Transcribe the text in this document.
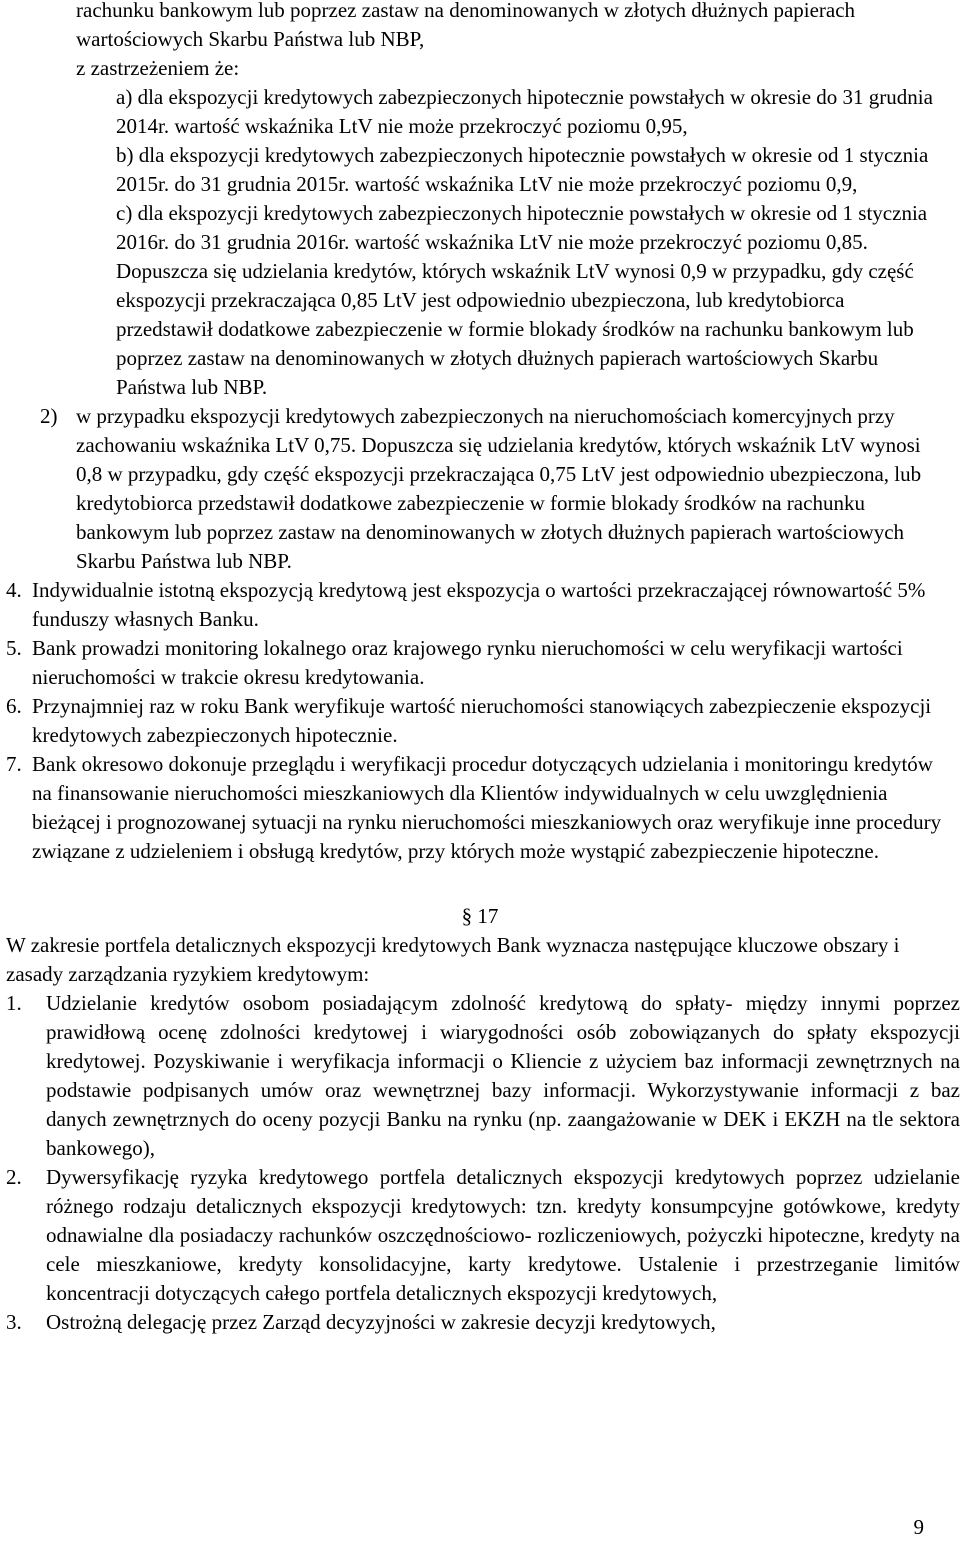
rachunku bankowym lub poprzez zastaw na denominowanych w złotych dłużnych papierach wartościowych Skarbu Państwa lub NBP,

z zastrzeżeniem że:

a) dla ekspozycji kredytowych zabezpieczonych hipotecznie powstałych w okresie do 31 grudnia 2014r. wartość wskaźnika LtV nie może przekroczyć poziomu 0,95,

b) dla ekspozycji kredytowych zabezpieczonych hipotecznie powstałych w okresie od 1 stycznia 2015r. do 31 grudnia 2015r. wartość wskaźnika LtV nie może przekroczyć poziomu 0,9,

c) dla ekspozycji kredytowych zabezpieczonych hipotecznie powstałych w okresie od 1 stycznia 2016r. do 31 grudnia 2016r. wartość wskaźnika LtV nie może przekroczyć poziomu 0,85. Dopuszcza się udzielania kredytów, których wskaźnik LtV wynosi 0,9 w przypadku, gdy część ekspozycji przekraczająca 0,85 LtV jest odpowiednio ubezpieczona, lub kredytobiorca przedstawił dodatkowe zabezpieczenie w formie blokady środków na rachunku bankowym lub poprzez zastaw na denominowanych w złotych dłużnych papierach wartościowych Skarbu Państwa lub NBP.

2) w przypadku ekspozycji kredytowych zabezpieczonych na nieruchomościach komercyjnych przy zachowaniu wskaźnika LtV 0,75. Dopuszcza się udzielania kredytów, których wskaźnik LtV wynosi 0,8 w przypadku, gdy część ekspozycji przekraczająca 0,75 LtV jest odpowiednio ubezpieczona, lub kredytobiorca przedstawił dodatkowe zabezpieczenie w formie blokady środków na rachunku bankowym lub poprzez zastaw na denominowanych w złotych dłużnych papierach wartościowych Skarbu Państwa lub NBP.
4. Indywidualnie istotną ekspozycją kredytową jest ekspozycja o wartości przekraczającej równowartość 5% funduszy własnych Banku.
5. Bank prowadzi monitoring lokalnego oraz krajowego rynku nieruchomości w celu weryfikacji wartości nieruchomości w trakcie okresu kredytowania.
6. Przynajmniej raz w roku Bank weryfikuje wartość nieruchomości stanowiących zabezpieczenie ekspozycji kredytowych zabezpieczonych hipotecznie.
7. Bank okresowo dokonuje przeglądu i weryfikacji procedur dotyczących udzielania i monitoringu kredytów na finansowanie nieruchomości mieszkaniowych dla Klientów indywidualnych w celu uwzględnienia bieżącej i prognozowanej sytuacji na rynku nieruchomości mieszkaniowych oraz weryfikuje inne procedury związane z udzieleniem i obsługą kredytów, przy których może wystąpić zabezpieczenie hipoteczne.

§ 17

W zakresie portfela detalicznych ekspozycji kredytowych Bank wyznacza następujące kluczowe obszary i zasady zarządzania ryzykiem kredytowym:

1. Udzielanie kredytów osobom posiadającym zdolność kredytową do spłaty- między innymi poprzez prawidłową ocenę zdolności kredytowej i wiarygodności osób zobowiązanych do spłaty ekspozycji kredytowej. Pozyskiwanie i weryfikacja informacji o Kliencie z użyciem baz informacji zewnętrznych na podstawie podpisanych umów oraz wewnętrznej bazy informacji. Wykorzystywanie informacji z baz danych zewnętrznych do oceny pozycji Banku na rynku (np. zaangażowanie w DEK i EKZH na tle sektora bankowego),
2. Dywersyfikację ryzyka kredytowego portfela detalicznych ekspozycji kredytowych poprzez udzielanie różnego rodzaju detalicznych ekspozycji kredytowych: tzn. kredyty konsumpcyjne gotówkowe, kredyty odnawialne dla posiadaczy rachunków oszczędnościowo- rozliczeniowych, pożyczki hipoteczne, kredyty na cele mieszkaniowe, kredyty konsolidacyjne, karty kredytowe. Ustalenie i przestrzeganie limitów koncentracji dotyczących całego portfela detalicznych ekspozycji kredytowych,
3. Ostrożną delegację przez Zarząd decyzyjności w zakresie decyzji kredytowych,
9
